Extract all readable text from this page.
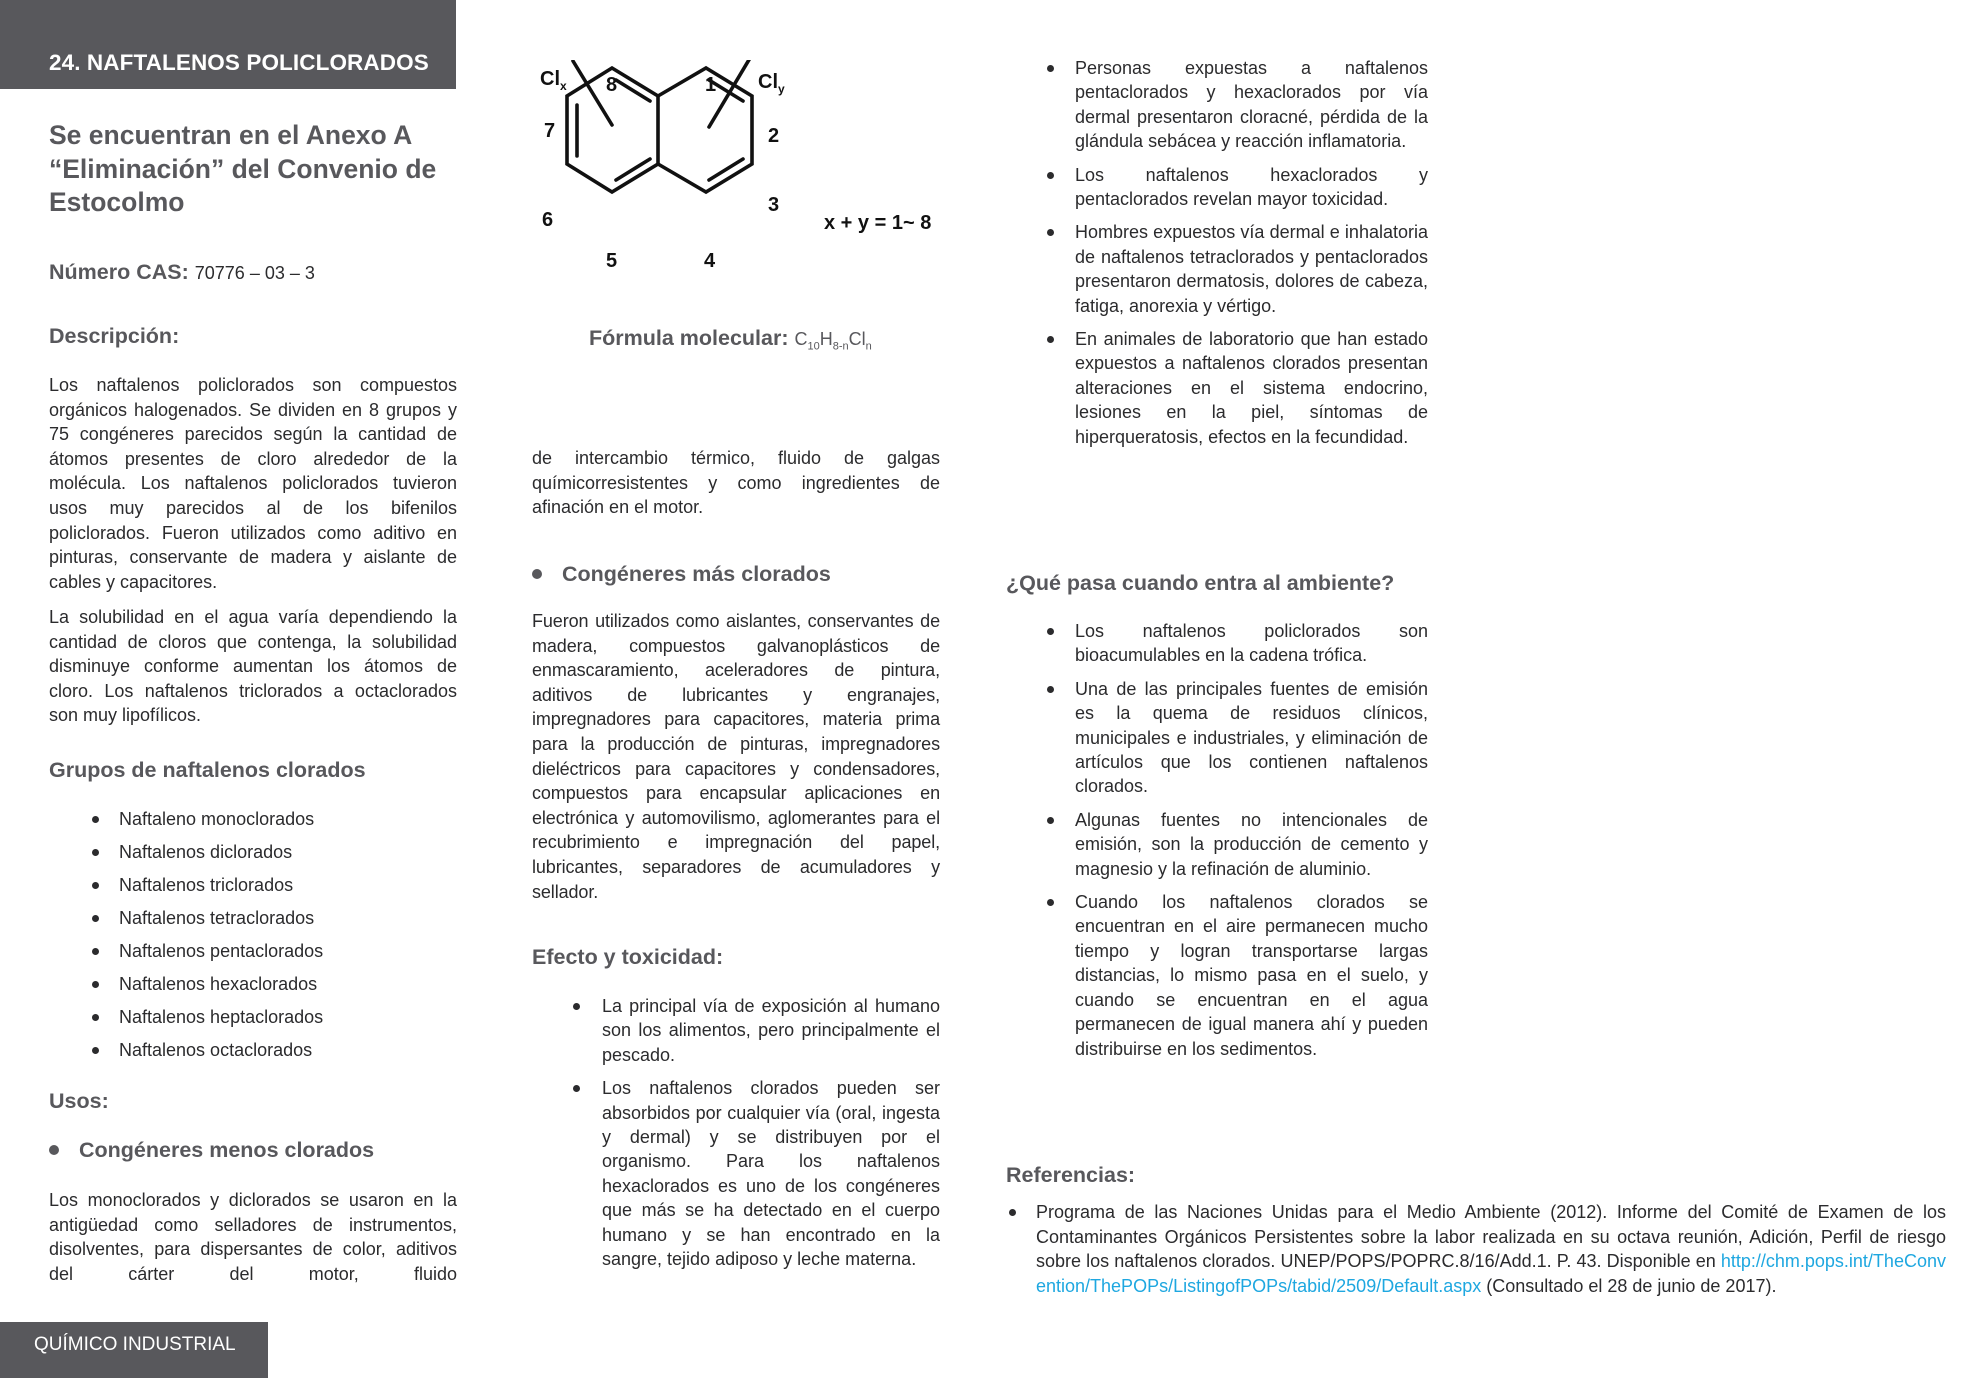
24. NAFTALENOS POLICLORADOS
Se encuentran en el Anexo A “Eliminación” del Convenio de Estocolmo
Número CAS: 70776 – 03 – 3
Descripción:
Los naftalenos policlorados son compuestos orgánicos halogenados. Se dividen en 8 grupos y 75 congéneres parecidos según la cantidad de átomos presentes de cloro alrededor de la molécula. Los naftalenos policlorados tuvieron usos muy parecidos al de los bifenilos policlorados. Fueron utilizados como aditivo en pinturas, conservante de madera y aislante de cables y capacitores.
La solubilidad en el agua varía dependiendo la cantidad de cloros que contenga, la solubilidad disminuye conforme aumentan los átomos de cloro. Los naftalenos triclorados a octaclorados son muy lipofílicos.
Grupos de naftalenos clorados
Naftaleno monoclorados
Naftalenos diclorados
Naftalenos triclorados
Naftalenos tetraclorados
Naftalenos pentaclorados
Naftalenos hexaclorados
Naftalenos heptaclorados
Naftalenos octaclorados
Usos:
Congéneres menos clorados
Los monoclorados y diclorados se usaron en la antigüedad como selladores de instrumentos, disolventes, para dispersantes de color, aditivos del cárter del motor, fluido
$Cl_x$	$Cl_y$
1
2
3
4
5
6
7
8
x + y = 1~ 8
Fórmula molecular: $C_{10}H_{8-n}Cl_n$
de intercambio térmico, fluido de galgas químicorresistentes y como ingredientes de afinación en el motor.
Congéneres más clorados
Fueron utilizados como aislantes, conservantes de madera, compuestos galvanoplásticos de enmascaramiento, aceleradores de pintura, aditivos de lubricantes y engranajes, impregnadores para capacitores, materia prima para la producción de pinturas, impregnadores dieléctricos para capacitores y condensadores, compuestos para encapsular aplicaciones en electrónica y automovilismo, aglomerantes para el recubrimiento e impregnación del papel, lubricantes, separadores de acumuladores y sellador.
Efecto y toxicidad:
La principal vía de exposición al humano son los alimentos, pero principalmente el pescado.
Los naftalenos clorados pueden ser absorbidos por cualquier vía (oral, ingesta y dermal) y se distribuyen por el organismo. Para los naftalenos hexaclorados es uno de los congéneres que más se ha detectado en el cuerpo humano y se han encontrado en la sangre, tejido adiposo y leche materna.
Personas expuestas a naftalenos pentaclorados y hexaclorados por vía dermal presentaron cloracné, pérdida de la glándula sebácea y reacción inflamatoria.
Los naftalenos hexaclorados y pentaclorados revelan mayor toxicidad.
Hombres expuestos vía dermal e inhalatoria de naftalenos tetraclorados y pentaclorados presentaron dermatosis, dolores de cabeza, fatiga, anorexia y vértigo.
En animales de laboratorio que han estado expuestos a naftalenos clorados presentan alteraciones en el sistema endocrino, lesiones en la piel, síntomas de hiperqueratosis, efectos en la fecundidad.
¿Qué pasa cuando entra al ambiente?
Los naftalenos policlorados son bioacumulables en la cadena trófica.
Una de las principales fuentes de emisión es la quema de residuos clínicos, municipales e industriales, y eliminación de artículos que los contienen naftalenos clorados.
Algunas fuentes no intencionales de emisión, son la producción de cemento y magnesio y la refinación de aluminio.
Cuando los naftalenos clorados se encuentran en el aire permanecen mucho tiempo y logran transportarse largas distancias, lo mismo pasa en el suelo, y cuando se encuentran en el agua permanecen de igual manera ahí y pueden distribuirse en los sedimentos.
Referencias:
Programa de las Naciones Unidas para el Medio Ambiente (2012). Informe del Comité de Examen de los Contaminantes Orgánicos Persistentes sobre la labor realizada en su octava reunión, Adición, Perfil de riesgo sobre los naftalenos clorados. UNEP/POPS/POPRC.8/16/Add.1. P. 43. Disponible en http://chm.pops.int/TheConvention/ThePOPs/ListingofPOPs/tabid/2509/Default.aspx (Consultado el 28 de junio de 2017).
QUÍMICO INDUSTRIAL
